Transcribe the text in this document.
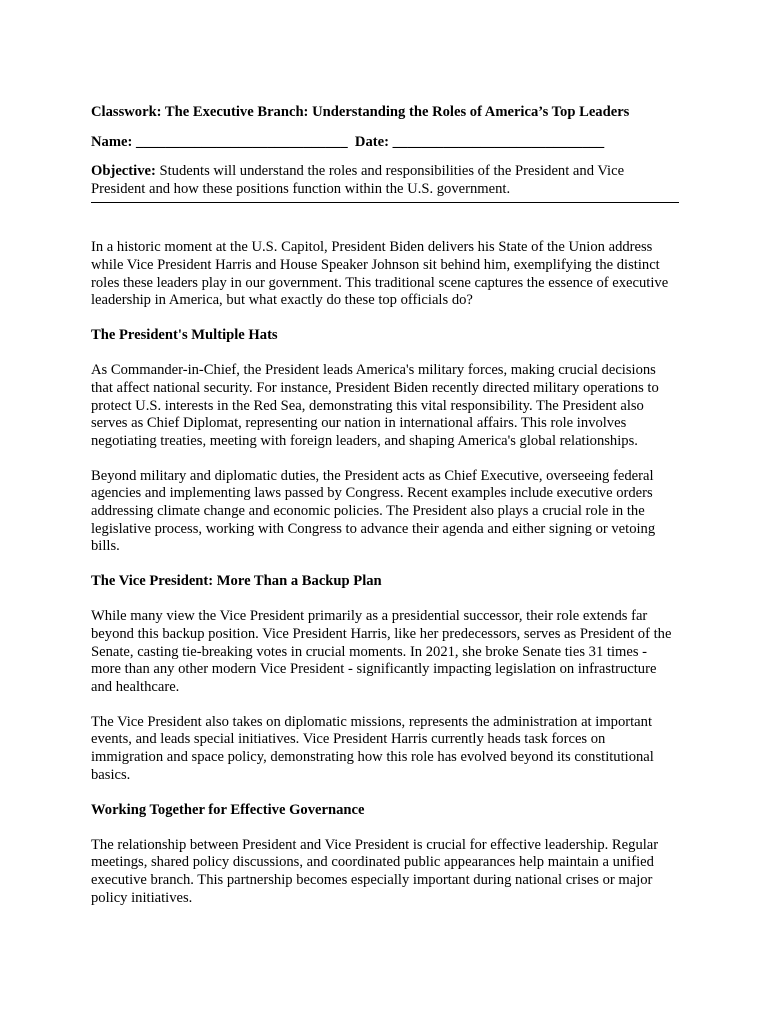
Classwork: The Executive Branch: Understanding the Roles of America’s Top Leaders

Name: _____________________________ Date: _____________________________

Objective: Students will understand the roles and responsibilities of the President and Vice President and how these positions function within the U.S. government.

In a historic moment at the U.S. Capitol, President Biden delivers his State of the Union address while Vice President Harris and House Speaker Johnson sit behind him, exemplifying the distinct roles these leaders play in our government. This traditional scene captures the essence of executive leadership in America, but what exactly do these top officials do?

The President's Multiple Hats

As Commander-in-Chief, the President leads America's military forces, making crucial decisions that affect national security. For instance, President Biden recently directed military operations to protect U.S. interests in the Red Sea, demonstrating this vital responsibility. The President also serves as Chief Diplomat, representing our nation in international affairs. This role involves negotiating treaties, meeting with foreign leaders, and shaping America's global relationships.

Beyond military and diplomatic duties, the President acts as Chief Executive, overseeing federal agencies and implementing laws passed by Congress. Recent examples include executive orders addressing climate change and economic policies. The President also plays a crucial role in the legislative process, working with Congress to advance their agenda and either signing or vetoing bills.

The Vice President: More Than a Backup Plan

While many view the Vice President primarily as a presidential successor, their role extends far beyond this backup position. Vice President Harris, like her predecessors, serves as President of the Senate, casting tie-breaking votes in crucial moments. In 2021, she broke Senate ties 31 times - more than any other modern Vice President - significantly impacting legislation on infrastructure and healthcare.

The Vice President also takes on diplomatic missions, represents the administration at important events, and leads special initiatives. Vice President Harris currently heads task forces on immigration and space policy, demonstrating how this role has evolved beyond its constitutional basics.

Working Together for Effective Governance

The relationship between President and Vice President is crucial for effective leadership. Regular meetings, shared policy discussions, and coordinated public appearances help maintain a unified executive branch. This partnership becomes especially important during national crises or major policy initiatives.
